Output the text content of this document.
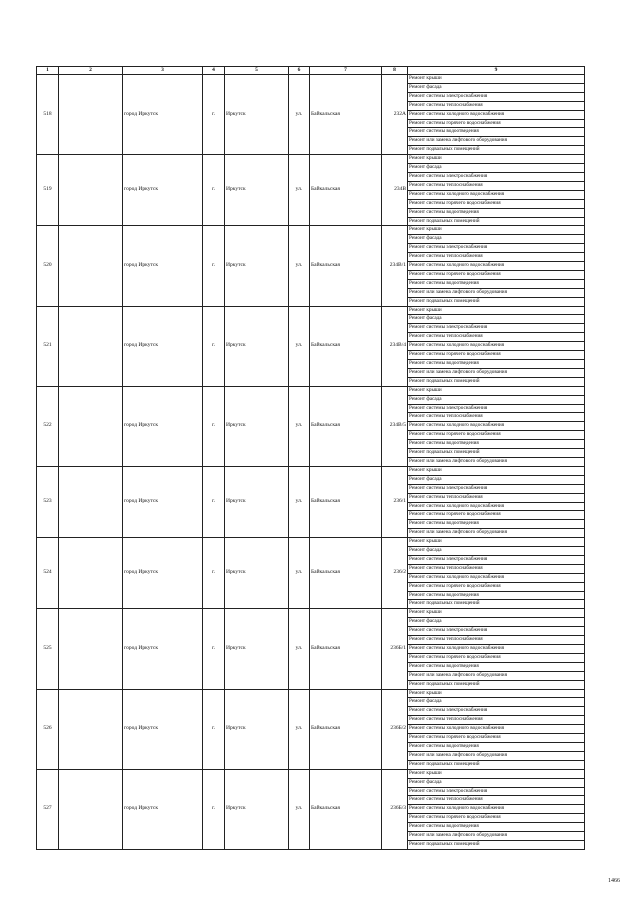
1	2	3	4	5	6	7	8	9
518		город Иркутск	г.	Иркутск	ул.	Байкальская	232А	Ремонт крыши
								Ремонт фасада
								Ремонт системы электроснабжения
								Ремонт системы теплоснабжения
								Ремонт системы холодного водоснабжения
								Ремонт системы горячего водоснабжения
								Ремонт системы водоотведения
								Ремонт или замена лифтового оборудования
								Ремонт подвальных помещений
519		город Иркутск	г.	Иркутск	ул.	Байкальская	234В	Ремонт крыши
								Ремонт фасада
								Ремонт системы электроснабжения
								Ремонт системы теплоснабжения
								Ремонт системы холодного водоснабжения
								Ремонт системы горячего водоснабжения
								Ремонт системы водоотведения
								Ремонт подвальных помещений
520		город Иркутск	г.	Иркутск	ул.	Байкальская	234В/1	Ремонт крыши
								Ремонт фасада
								Ремонт системы электроснабжения
								Ремонт системы теплоснабжения
								Ремонт системы холодного водоснабжения
								Ремонт системы горячего водоснабжения
								Ремонт системы водоотведения
								Ремонт или замена лифтового оборудования
								Ремонт подвальных помещений
521		город Иркутск	г.	Иркутск	ул.	Байкальская	234В/4	Ремонт крыши
								Ремонт фасада
								Ремонт системы электроснабжения
								Ремонт системы теплоснабжения
								Ремонт системы холодного водоснабжения
								Ремонт системы горячего водоснабжения
								Ремонт системы водоотведения
								Ремонт или замена лифтового оборудования
								Ремонт подвальных помещений
522		город Иркутск	г.	Иркутск	ул.	Байкальская	234В/5	Ремонт крыши
								Ремонт фасада
								Ремонт системы электроснабжения
								Ремонт системы теплоснабжения
								Ремонт системы холодного водоснабжения
								Ремонт системы горячего водоснабжения
								Ремонт системы водоотведения
								Ремонт подвальных помещений
								Ремонт или замена лифтового оборудования
523		город Иркутск	г.	Иркутск	ул.	Байкальская	236/1	Ремонт крыши
								Ремонт фасада
								Ремонт системы электроснабжения
								Ремонт системы теплоснабжения
								Ремонт системы холодного водоснабжения
								Ремонт системы горячего водоснабжения
								Ремонт системы водоотведения
								Ремонт или замена лифтового оборудования
524		город Иркутск	г.	Иркутск	ул.	Байкальская	236/2	Ремонт крыши
								Ремонт фасада
								Ремонт системы электроснабжения
								Ремонт системы теплоснабжения
								Ремонт системы холодного водоснабжения
								Ремонт системы горячего водоснабжения
								Ремонт системы водоотведения
								Ремонт подвальных помещений
525		город Иркутск	г.	Иркутск	ул.	Байкальская	236Б/1	Ремонт крыши
								Ремонт фасада
								Ремонт системы электроснабжения
								Ремонт системы теплоснабжения
								Ремонт системы холодного водоснабжения
								Ремонт системы горячего водоснабжения
								Ремонт системы водоотведения
								Ремонт или замена лифтового оборудования
								Ремонт подвальных помещений
526		город Иркутск	г.	Иркутск	ул.	Байкальская	236Б/2	Ремонт крыши
								Ремонт фасада
								Ремонт системы электроснабжения
								Ремонт системы теплоснабжения
								Ремонт системы холодного водоснабжения
								Ремонт системы горячего водоснабжения
								Ремонт системы водоотведения
								Ремонт или замена лифтового оборудования
								Ремонт подвальных помещений
527		город Иркутск	г.	Иркутск	ул.	Байкальская	236Б/3	Ремонт крыши
								Ремонт фасада
								Ремонт системы электроснабжения
								Ремонт системы теплоснабжения
								Ремонт системы холодного водоснабжения
								Ремонт системы горячего водоснабжения
								Ремонт системы водоотведения
								Ремонт или замена лифтового оборудования
								Ремонт подвальных помещений
1466
